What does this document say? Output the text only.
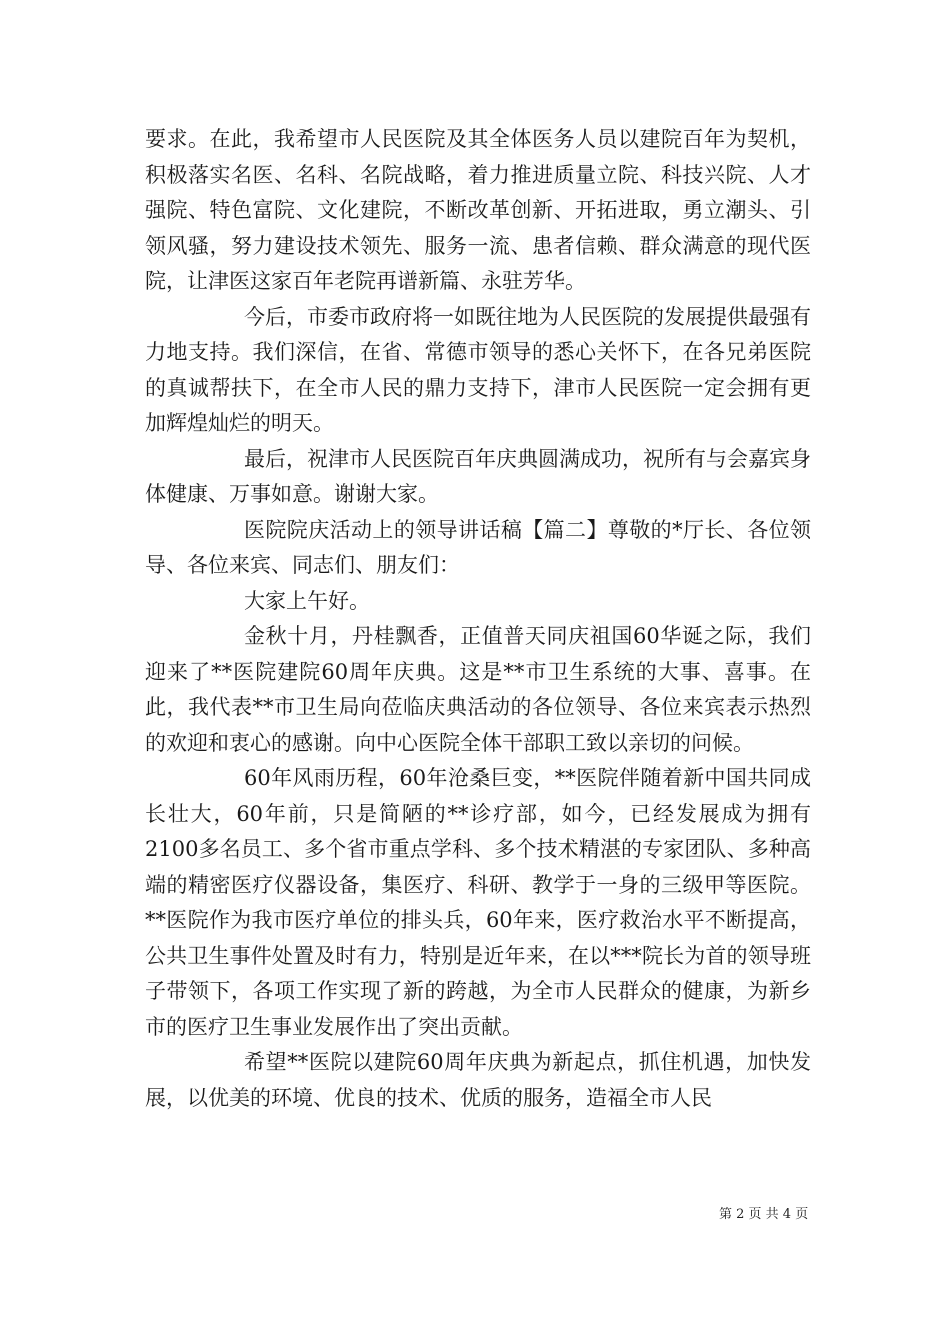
要求。在此，我希望市人民医院及其全体医务人员以建院百年为契机，积极落实名医、名科、名院战略，着力推进质量立院、科技兴院、人才强院、特色富院、文化建院，不断改革创新、开拓进取，勇立潮头、引领风骚，努力建设技术领先、服务一流、患者信赖、群众满意的现代医院，让津医这家百年老院再谱新篇、永驻芳华。

今后，市委市政府将一如既往地为人民医院的发展提供最强有力地支持。我们深信，在省、常德市领导的悉心关怀下，在各兄弟医院的真诚帮扶下，在全市人民的鼎力支持下，津市人民医院一定会拥有更加辉煌灿烂的明天。

最后，祝津市人民医院百年庆典圆满成功，祝所有与会嘉宾身体健康、万事如意。谢谢大家。

医院院庆活动上的领导讲话稿【篇二】尊敬的*厅长、各位领导、各位来宾、同志们、朋友们：

大家上午好。

金秋十月，丹桂飘香，正值普天同庆祖国60华诞之际，我们迎来了**医院建院60周年庆典。这是**市卫生系统的大事、喜事。在此，我代表**市卫生局向莅临庆典活动的各位领导、各位来宾表示热烈的欢迎和衷心的感谢。向中心医院全体干部职工致以亲切的问候。

60年风雨历程，60年沧桑巨变，**医院伴随着新中国共同成长壮大，60年前，只是简陋的**诊疗部，如今，已经发展成为拥有2100多名员工、多个省市重点学科、多个技术精湛的专家团队、多种高端的精密医疗仪器设备，集医疗、科研、教学于一身的三级甲等医院。**医院作为我市医疗单位的排头兵，60年来，医疗救治水平不断提高，公共卫生事件处置及时有力，特别是近年来，在以***院长为首的领导班子带领下，各项工作实现了新的跨越，为全市人民群众的健康，为新乡市的医疗卫生事业发展作出了突出贡献。

希望**医院以建院60周年庆典为新起点，抓住机遇，加快发展，以优美的环境、优良的技术、优质的服务，造福全市人民

第 2 页 共 4 页
